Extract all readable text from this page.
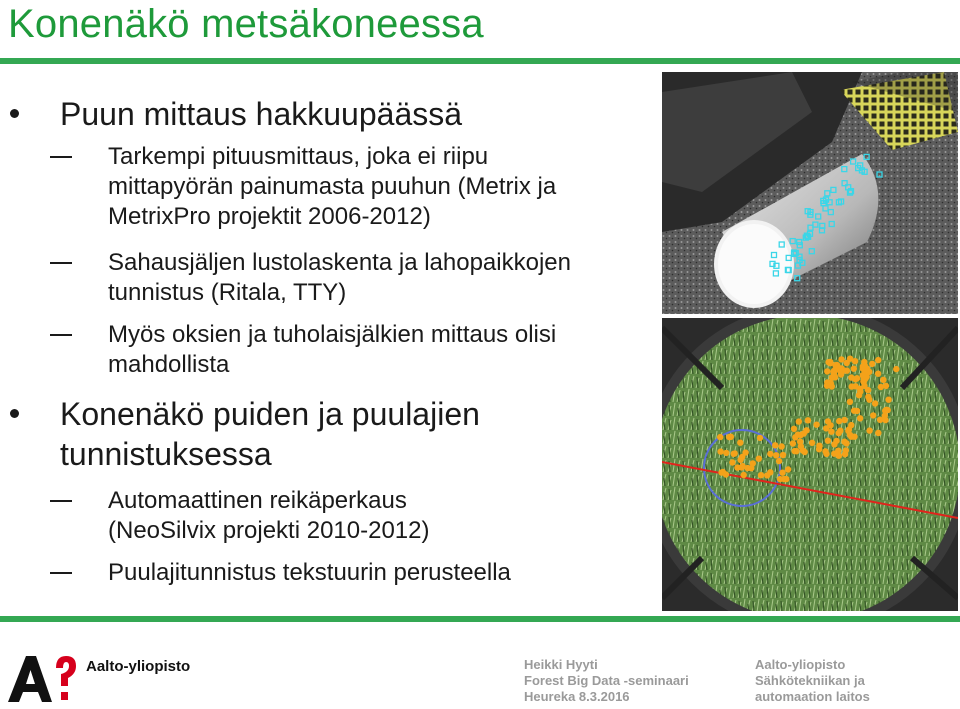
Konenäkö metsäkoneessa
Puun mittaus hakkuupäässä
Tarkempi pituusmittaus, joka ei riipu
mittapyörän painumasta puuhun (Metrix ja
MetrixPro projektit 2006-2012)
Sahausjäljen lustolaskenta ja lahopaikkojen
tunnistus (Ritala, TTY)
Myös oksien ja tuholaisjälkien mittaus olisi
mahdollista
Konenäkö puiden ja puulajien
tunnistuksessa
Automaattinen reikäperkaus
(NeoSilvix projekti 2010-2012)
Puulajitunnistus tekstuurin perusteella
Aalto-yliopisto	Heikki Hyyti
Forest Big Data -seminaari
Heureka 8.3.2016
Aalto-yliopisto
Sähkötekniikan ja
automaation laitos
